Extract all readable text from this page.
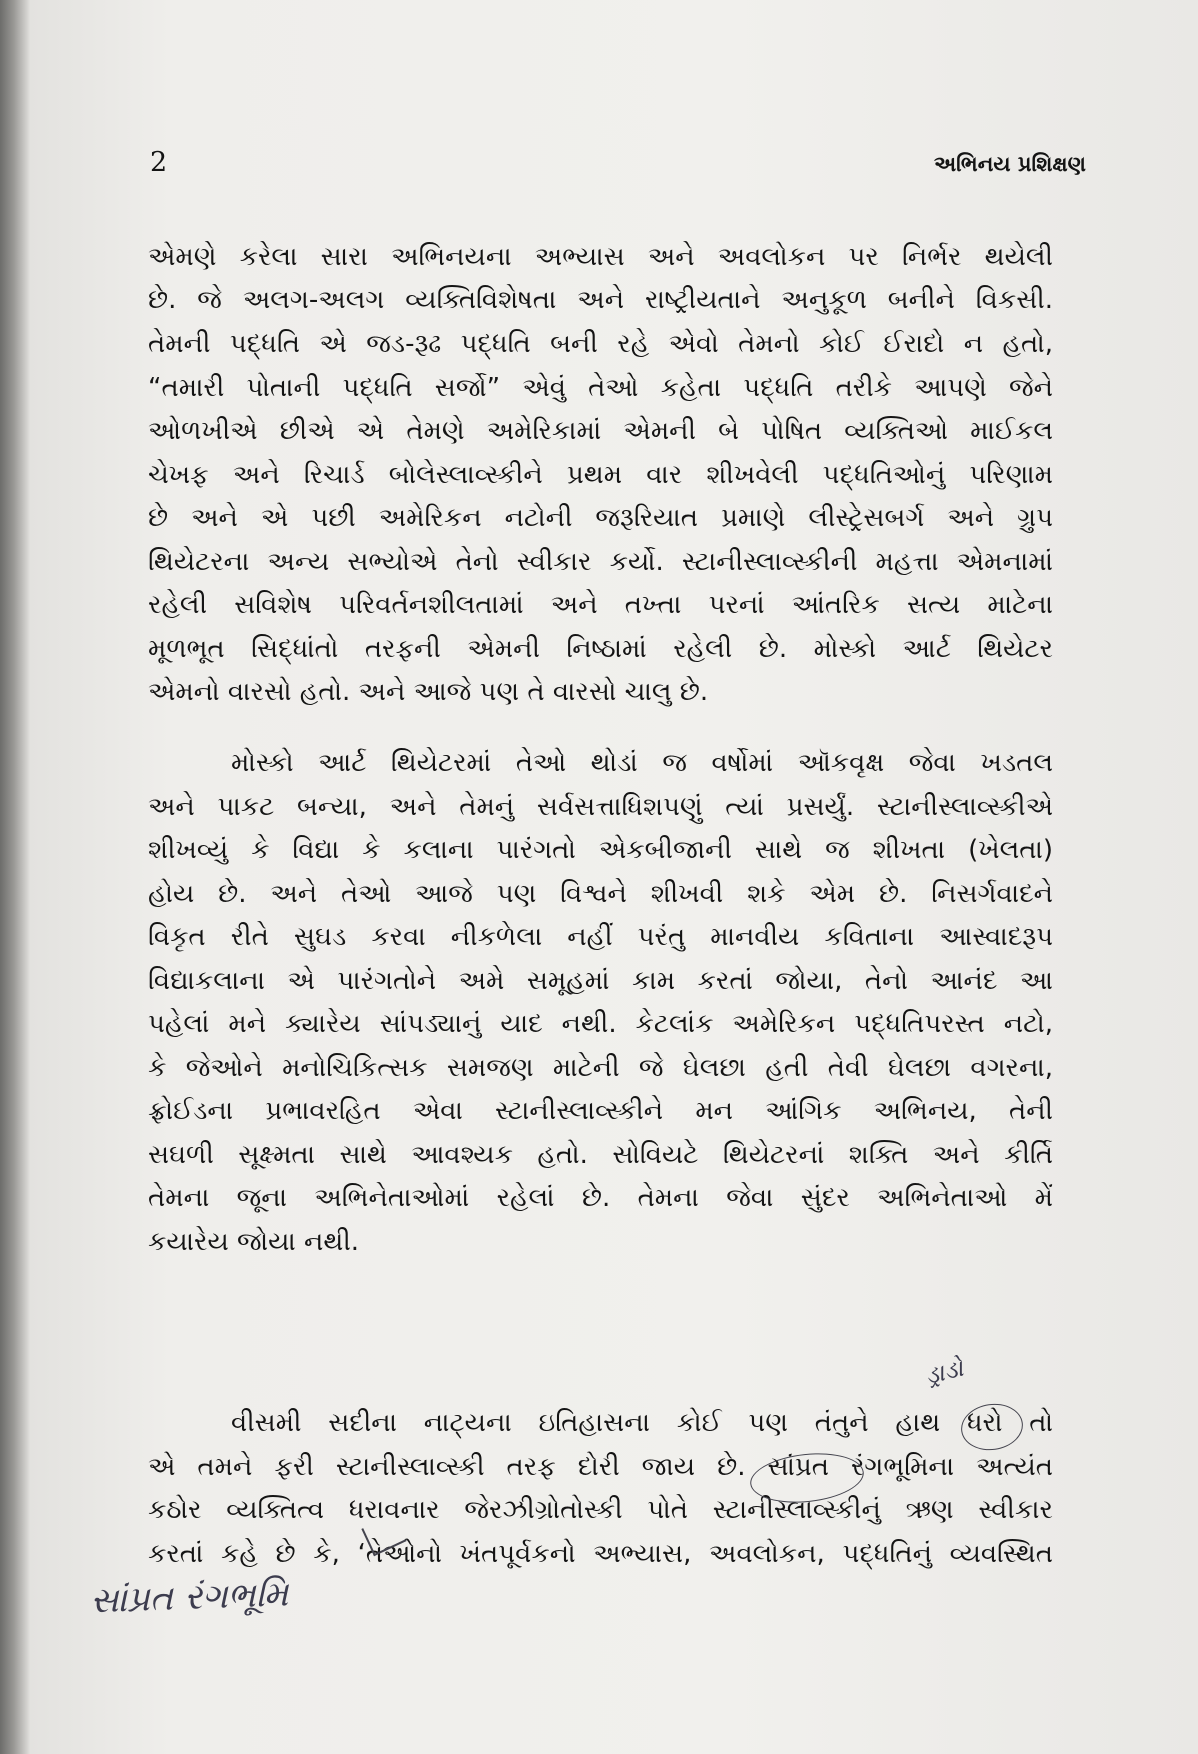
2	અભિનય પ્રશિક્ષણ

એમણે કરેલા સારા અભિનયના અભ્યાસ અને અવલોકન પર નિર્ભર થયેલી

છે. જે અલગ-અલગ વ્યક્તિવિશેષતા અને રાષ્ટ્રીયતાને અનુકૂળ બનીને વિકસી.

તેમની પદ્ધતિ એ જડ-રૂઢ પદ્ધતિ બની રહે એવો તેમનો કોઈ ઈરાદો ન હતો,

“તમારી પોતાની પદ્ધતિ સર્જો” એવું તેઓ કહેતા પદ્ધતિ તરીકે આપણે જેને

ઓળખીએ છીએ એ તેમણે અમેરિકામાં એમની બે પોષિત વ્યક્તિઓ માઈકલ

ચેખફ અને રિચાર્ડ બોલેસ્લાવ્સ્કીને પ્રથમ વાર શીખવેલી પદ્ધતિઓનું પરિણામ

છે અને એ પછી અમેરિકન નટોની જરૂરિયાત પ્રમાણે લીસ્ટ્રેસબર્ગ અને ગ્રુપ

થિયેટરના અન્ય સભ્યોએ તેનો સ્વીકાર કર્યો. સ્ટાનીસ્લાવ્સ્કીની મહત્તા એમનામાં

રહેલી સવિશેષ પરિવર્તનશીલતામાં અને તખ્તા પરનાં આંતરિક સત્ય માટેના

મૂળભૂત સિદ્ધાંતો તરફની એમની નિષ્ઠામાં રહેલી છે. મોસ્કો આર્ટ થિયેટર

એમનો વારસો હતો. અને આજે પણ તે વારસો ચાલુ છે.

મોસ્કો આર્ટ થિયેટરમાં તેઓ થોડાં જ વર્ષોમાં ઑકવૃક્ષ જેવા ખડતલ

અને પાકટ બન્યા, અને તેમનું સર્વસત્તાધિશપણું ત્યાં પ્રસર્યું. સ્ટાનીસ્લાવ્સ્કીએ

શીખવ્યું કે વિદ્યા કે કલાના પારંગતો એકબીજાની સાથે જ શીખતા (ખેલતા)

હોય છે. અને તેઓ આજે પણ વિશ્વને શીખવી શકે એમ છે. નિસર્ગવાદને

વિકૃત રીતે સુઘડ કરવા નીકળેલા નહીં પરંતુ માનવીય કવિતાના આસ્વાદરૂપ

વિદ્યાકલાના એ પારંગતોને અમે સમૂહમાં કામ કરતાં જોયા, તેનો આનંદ આ

પહેલાં મને ક્યારેય સાંપડ્યાનું યાદ નથી. કેટલાંક અમેરિકન પદ્ધતિપરસ્ત નટો,

કે જેઓને મનોચિકિત્સક સમજણ માટેની જે ઘેલછા હતી તેવી ઘેલછા વગરના,

ફ્રોઈડના પ્રભાવરહિત એવા સ્ટાનીસ્લાવ્સ્કીને મન આંગિક અભિનય, તેની

સઘળી સૂક્ષ્મતા સાથે આવશ્યક હતો. સોવિયટે થિયેટરનાં શક્તિ અને કીર્તિ

તેમના જૂના અભિનેતાઓમાં રહેલાં છે. તેમના જેવા સુંદર અભિનેતાઓ મેં

કયારેય જોયા નથી.

વીસમી સદીના નાટ્યના ઇતિહાસના કોઈ પણ તંતુને હાથ ધરો તો

એ તમને ફરી સ્ટાનીસ્લાવ્સ્કી તરફ દોરી જાય છે. સાંપ્રત રંગભૂમિના અત્યંત

કઠોર વ્યક્તિત્વ ધરાવનાર જેરઝીગ્રોતોસ્કી પોતે સ્ટાનીસ્લાવ્સ્કીનું ઋણ સ્વીકાર

કરતાં કહે છે કે, ‘તેઓનો ખંતપૂર્વકનો અભ્યાસ, અવલોકન, પદ્ધતિનું વ્યવસ્થિત

ડ્રાડો

સાંપ્રત રંગભૂમિ
